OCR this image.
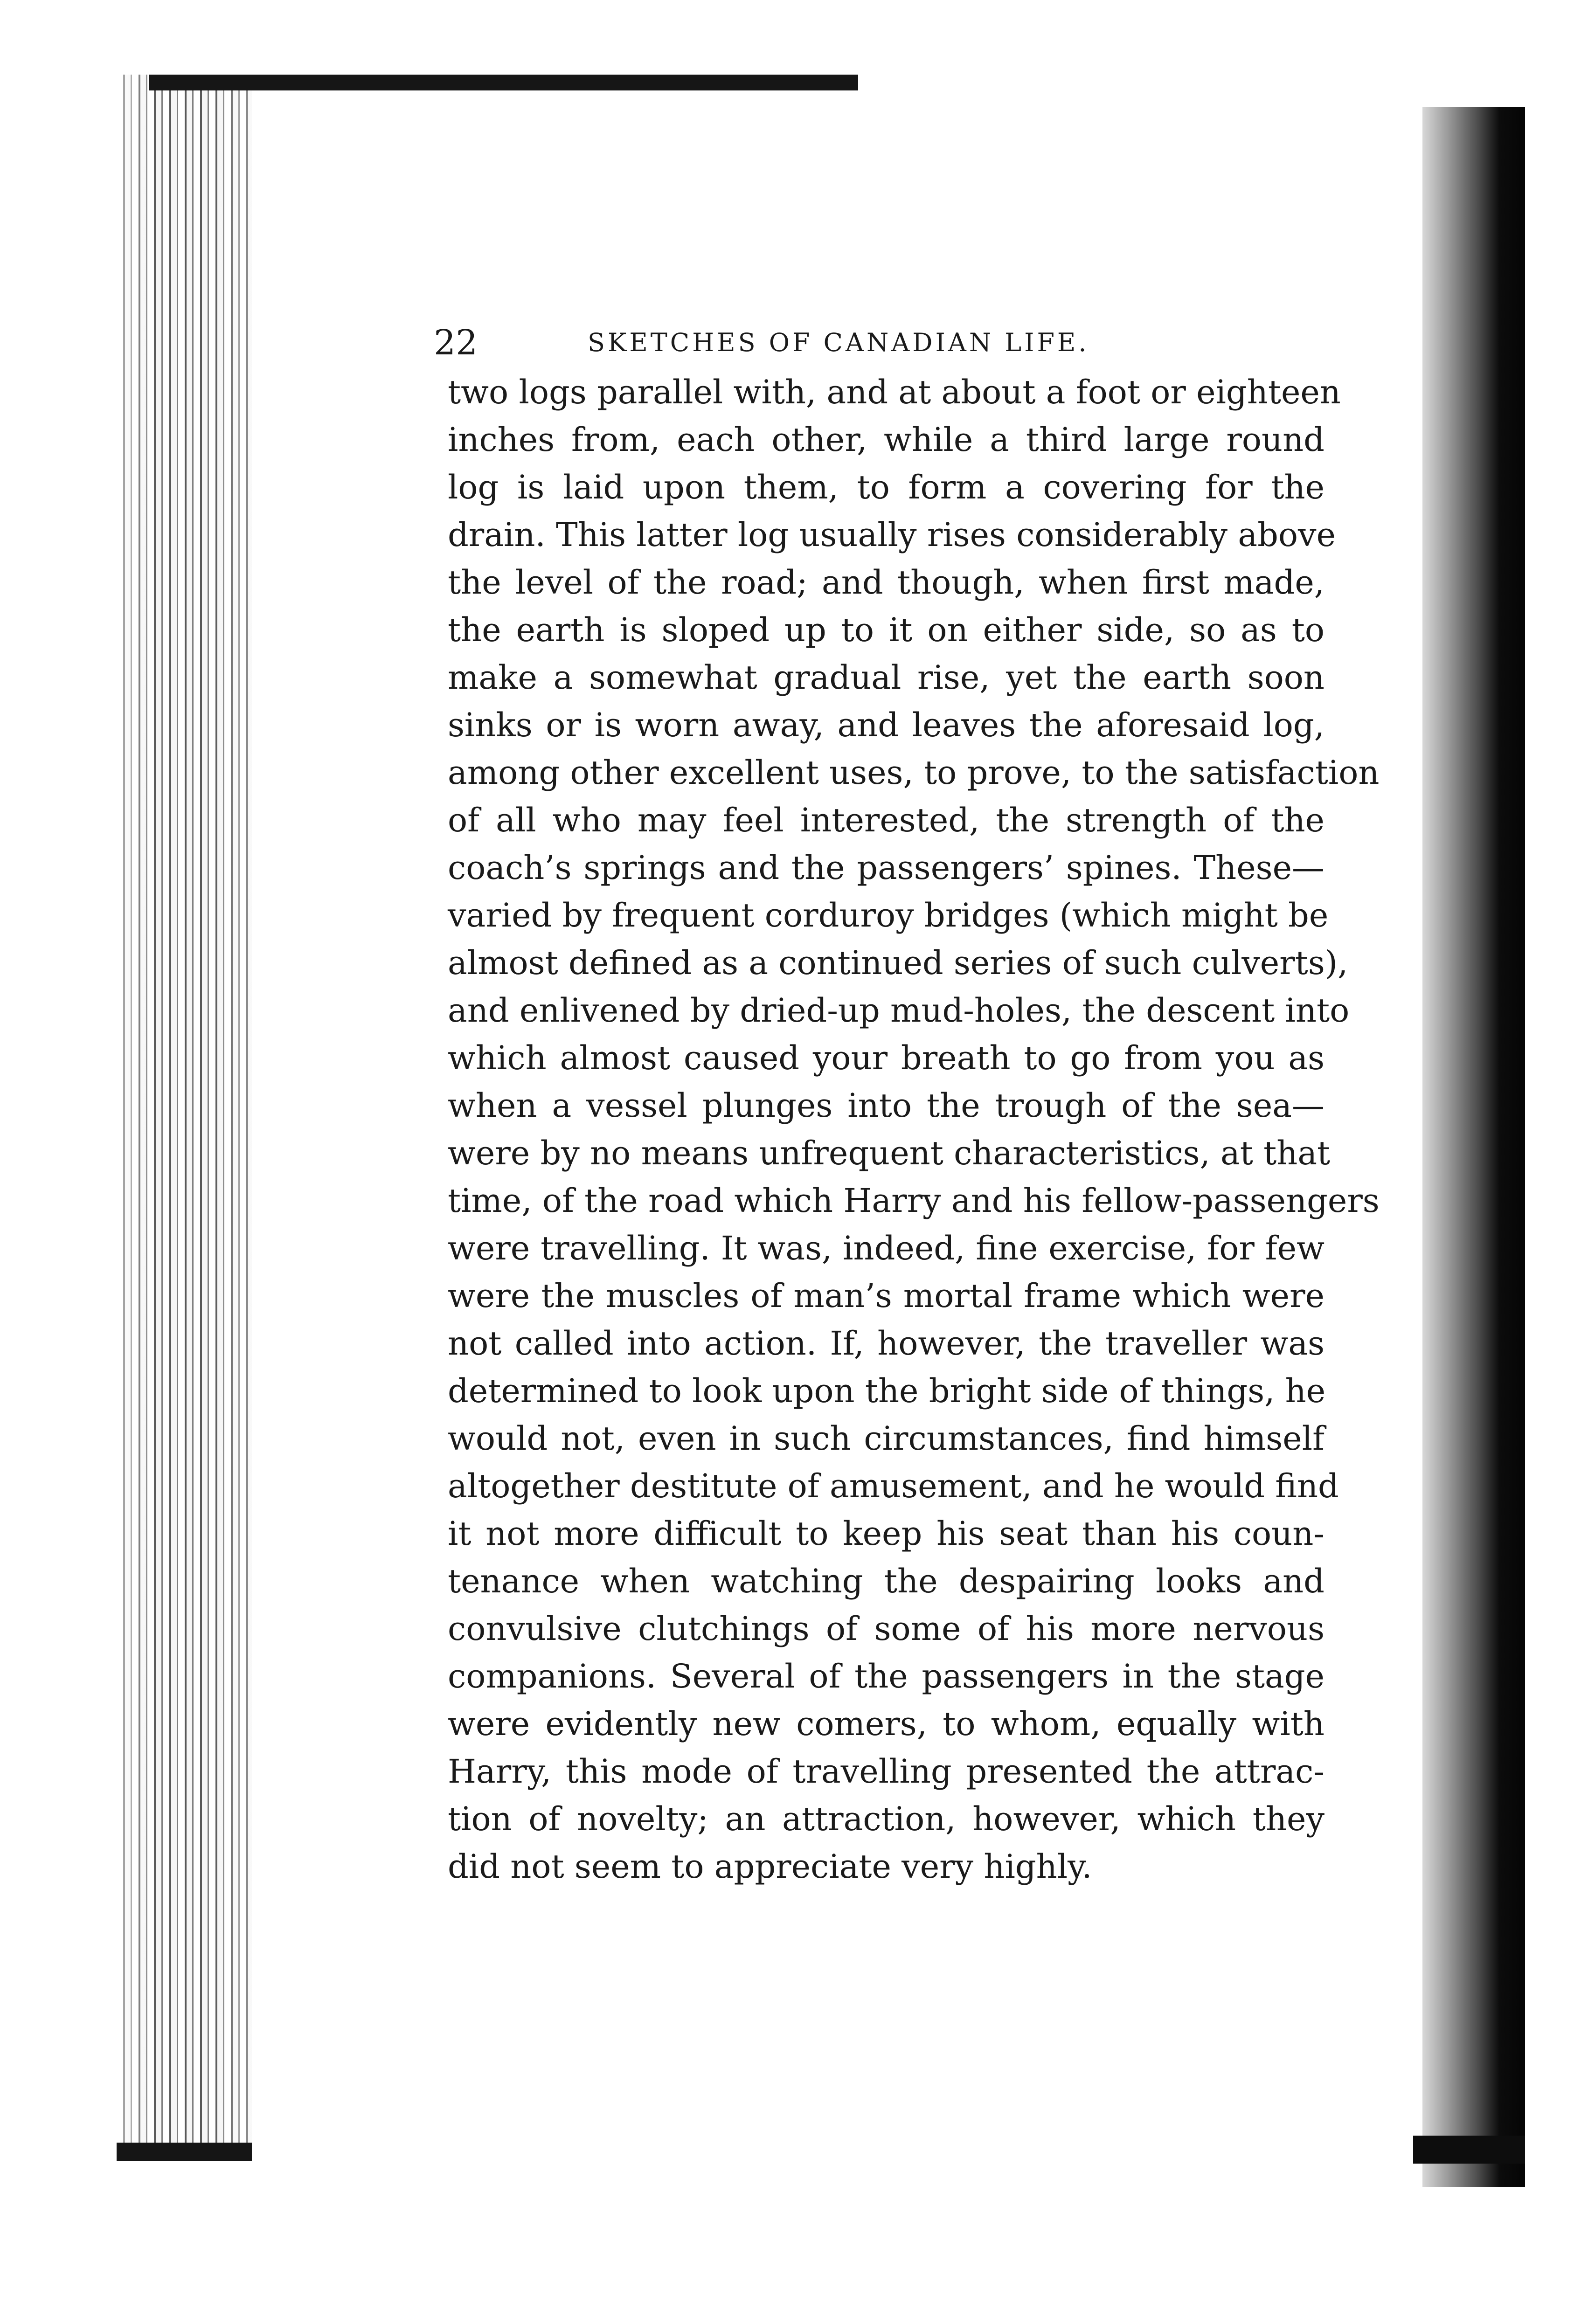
22	SKETCHES OF CANADIAN LIFE.
two logs parallel with, and at about a foot or eighteen
inches from, each other, while a third large round
log is laid upon them, to form a covering for the
drain. This latter log usually rises considerably above
the level of the road; and though, when first made,
the earth is sloped up to it on either side, so as to
make a somewhat gradual rise, yet the earth soon
sinks or is worn away, and leaves the aforesaid log,
among other excellent uses, to prove, to the satisfaction
of all who may feel interested, the strength of the
coach’s springs and the passengers’ spines. These—
varied by frequent corduroy bridges (which might be
almost defined as a continued series of such culverts),
and enlivened by dried-up mud-holes, the descent into
which almost caused your breath to go from you as
when a vessel plunges into the trough of the sea—
were by no means unfrequent characteristics, at that
time, of the road which Harry and his fellow-passengers
were travelling. It was, indeed, fine exercise, for few
were the muscles of man’s mortal frame which were
not called into action. If, however, the traveller was
determined to look upon the bright side of things, he
would not, even in such circumstances, find himself
altogether destitute of amusement, and he would find
it not more difficult to keep his seat than his coun-
tenance when watching the despairing looks and
convulsive clutchings of some of his more nervous
companions. Several of the passengers in the stage
were evidently new comers, to whom, equally with
Harry, this mode of travelling presented the attrac-
tion of novelty; an attraction, however, which they
did not seem to appreciate very highly.
